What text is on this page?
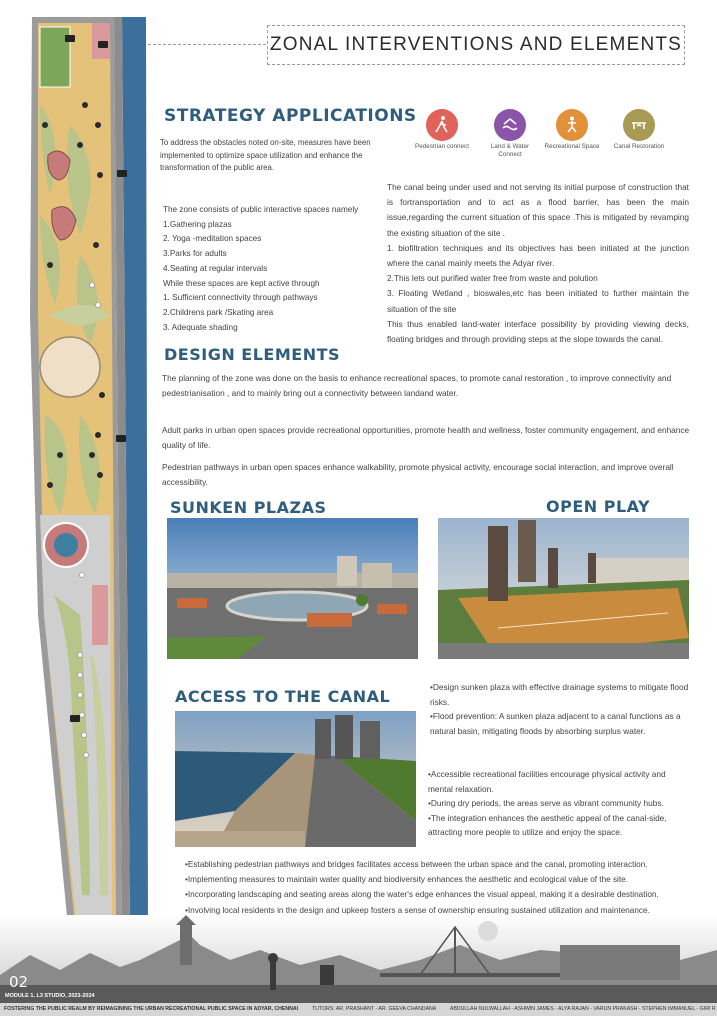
ZONAL INTERVENTIONS AND ELEMENTS
STRATEGY APPLICATIONS
To address the obstacles noted on-site, measures have been implemented to optimize space utilization and enhance the transformation of the public area.

The zone consists of public interactive spaces namely

1.Gathering plazas

2. Yoga -meditation spaces

3.Parks for adults

4.Seating at regular intervals

While these spaces are kept active through

1. Sufficient connectivity through pathways

2.Childrens park /Skating area

3. Adequate shading

Pedestrian connect	Land & Water Connect
Recreational Space	Canal Restoration

The canal being under used and not serving its initial purpose of construction that is fortransportation and to act as a flood barrier, has been the main issue,regarding the current situation of this space .This is mitigated by revamping the existing situation of the site .

1. biofiltration techniques and its objectives has been initiated at the junction where the canal mainly meets the Adyar river.

2.This lets out purified water free from waste and polution

3. Floating Wetland , bioswales,etc has been initiated to further maintain the situation of the site

This thus enabled land-water interface possibility by providing viewing decks, floating bridges and through providing steps at the slope towards the canal.

DESIGN ELEMENTS
The planning of the zone was done on the basis to enhance recreational spaces, to promote canal restoration , to improve connectivity and pedestrianisation , and to mainly bring out a connectivity between landand water.
Adult parks in urban open spaces provide recreational opportunities, promote health and wellness, foster community engagement, and enhance quality of life.
Pedestrian pathways in urban open spaces enhance walkability, promote physical activity, encourage social interaction, and improve overall accessibility.
SUNKEN PLAZAS	OPEN PLAY
ACCESS TO THE CANAL	•Design sunken plaza with effective drainage systems to mitigate flood risks.

•Flood prevention: A sunken plaza adjacent to a canal functions as a natural basin, mitigating floods by absorbing surplus water.

•Accessible recreational facilities encourage physical activity and mental relaxation.

•During dry periods, the areas serve as vibrant community hubs.

•The integration enhances the aesthetic appeal of the canal-side, attracting more people to utilize and enjoy the space.

•Establishing pedestrian pathways and bridges facilitates access between the urban space and the canal, promoting interaction.

•Implementing measures to maintain water quality and biodiversity enhances the aesthetic and ecological value of the site.

•Incorporating landscaping and seating areas along the water's edge enhances the visual appeal, making it a desirable destination.

•Involving local residents in the design and upkeep fosters a sense of ownership ensuring sustained utilization and maintenance.

02
MODULE 1, L3 STUDIO, 2023-2024
FOSTERING THE PUBLIC REALM BY REIMAGINING THE URBAN RECREATIONAL PUBLIC SPACE IN ADYAR, CHENNAI	TUTORS: AR. PRASHANT - AR. GEEVA CHANDANA	ABDULLAH NULWALLAH - ASHWIN JAMES - ALYA RAJAN - VARUN PRAKASH - STEPHEN IMMANUEL - GIRI R
